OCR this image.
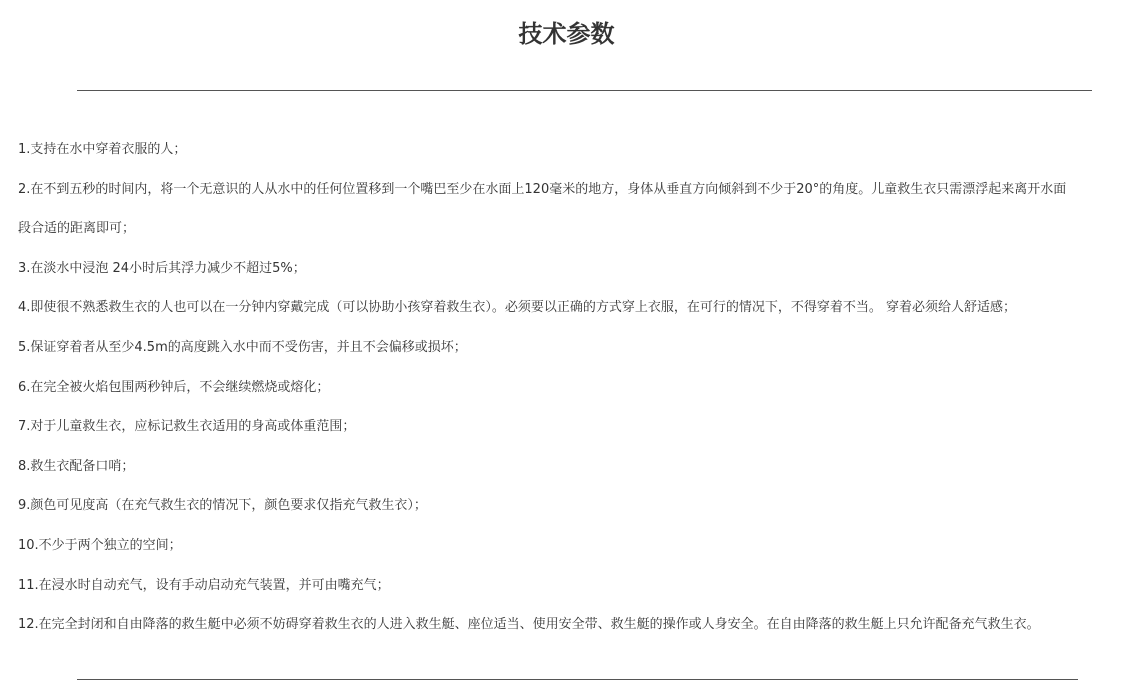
技术参数
1.支持在水中穿着衣服的人；
2.在不到五秒的时间内，将一个无意识的人从水中的任何位置移到一个嘴巴至少在水面上120毫米的地方，身体从垂直方向倾斜到不少于20°的角度。儿童救生衣只需漂浮起来离开水面
段合适的距离即可；
3.在淡水中浸泡 24小时后其浮力减少不超过5%；
4.即使很不熟悉救生衣的人也可以在一分钟内穿戴完成（可以协助小孩穿着救生衣）。必须要以正确的方式穿上衣服，在可行的情况下，不得穿着不当。 穿着必须给人舒适感；
5.保证穿着者从至少4.5m的高度跳入水中而不受伤害，并且不会偏移或损坏；
6.在完全被火焰包围两秒钟后，不会继续燃烧或熔化；
7.对于儿童救生衣，应标记救生衣适用的身高或体重范围；
8.救生衣配备口哨；
9.颜色可见度高（在充气救生衣的情况下，颜色要求仅指充气救生衣）；
10.不少于两个独立的空间；
11.在浸水时自动充气，设有手动启动充气装置，并可由嘴充气；
12.在完全封闭和自由降落的救生艇中必须不妨碍穿着救生衣的人进入救生艇、座位适当、使用安全带、救生艇的操作或人身安全。在自由降落的救生艇上只允许配备充气救生衣。
